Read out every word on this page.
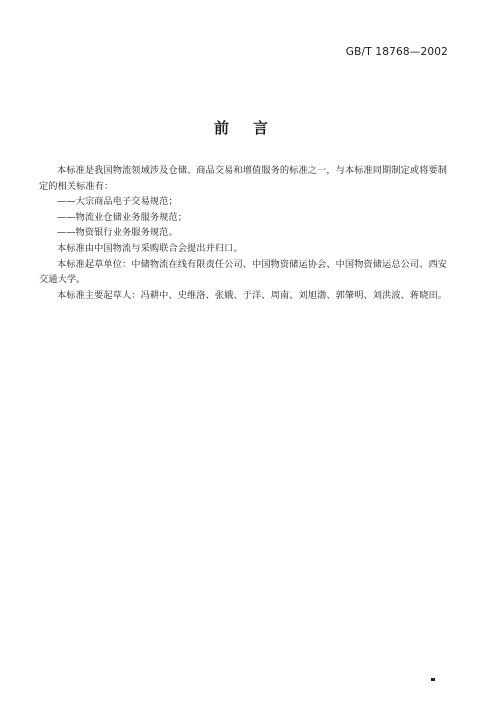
GB/T 18768—2002
前言

本标准是我国物流领域涉及仓储、商品交易和增值服务的标准之一，与本标准同期制定或将要制定的相关标准有：

——大宗商品电子交易规范；

——物流业仓储业务服务规范；

——物资银行业务服务规范。

本标准由中国物流与采购联合会提出并归口。

本标准起草单位：中储物流在线有限责任公司、中国物资储运协会、中国物资储运总公司、西安交通大学。

本标准主要起草人：冯耕中、史维洛、张娥、于洋、周南、刘旭渤、郭肇明、刘洪波、蒋晓田。
